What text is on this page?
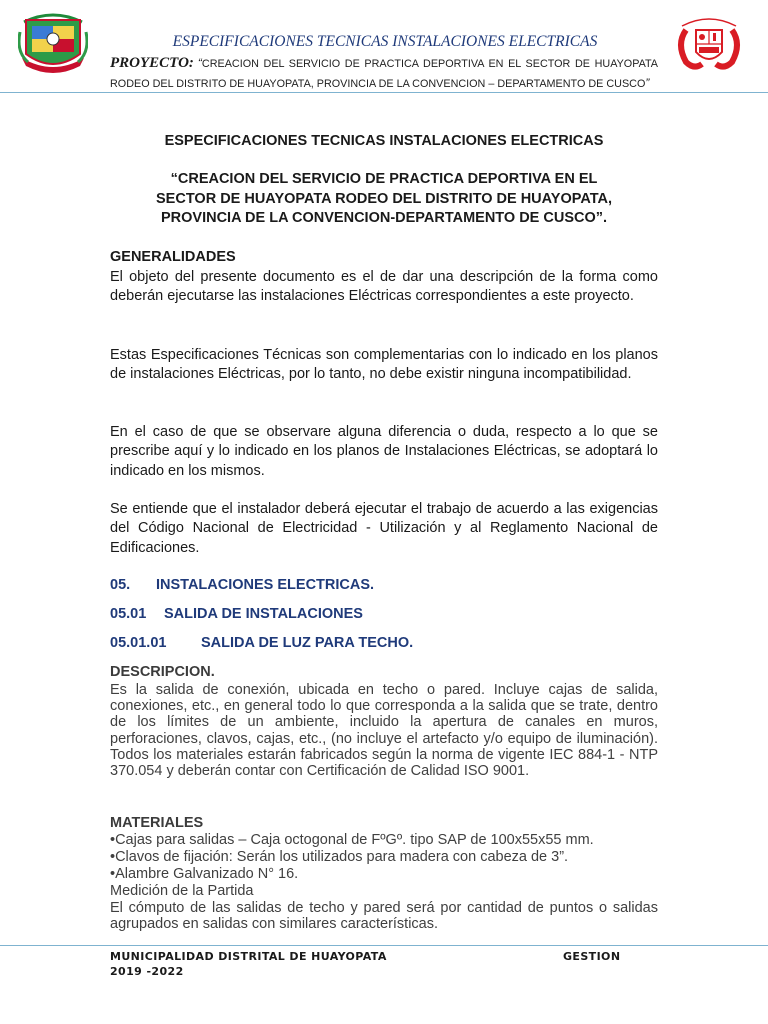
ESPECIFICACIONES TECNICAS INSTALACIONES ELECTRICAS
PROYECTO: “CREACION DEL SERVICIO DE PRACTICA DEPORTIVA EN EL SECTOR DE HUAYOPATA RODEO DEL DISTRITO DE HUAYOPATA, PROVINCIA DE LA CONVENCION – DEPARTAMENTO DE CUSCO”
ESPECIFICACIONES TECNICAS INSTALACIONES ELECTRICAS
“CREACION DEL SERVICIO DE PRACTICA DEPORTIVA EN EL
SECTOR DE HUAYOPATA RODEO DEL DISTRITO DE HUAYOPATA,
PROVINCIA DE LA CONVENCION-DEPARTAMENTO DE CUSCO”.
GENERALIDADES
El objeto del presente documento es el de dar una descripción de la forma como deberán ejecutarse las instalaciones Eléctricas correspondientes a este proyecto.
Estas Especificaciones Técnicas son complementarias con lo indicado en los planos de instalaciones Eléctricas, por lo tanto, no debe existir ninguna incompatibilidad.
En el caso de que se observare alguna diferencia o duda, respecto a lo que se prescribe aquí y lo indicado en los planos de Instalaciones Eléctricas, se adoptará lo indicado en los mismos.
Se entiende que el instalador deberá ejecutar el trabajo de acuerdo a las exigencias del Código Nacional de Electricidad - Utilización y al Reglamento Nacional de Edificaciones.
05. INSTALACIONES ELECTRICAS.
05.01 SALIDA DE INSTALACIONES
05.01.01 SALIDA DE LUZ PARA TECHO.
DESCRIPCION.
Es la salida de conexión, ubicada en techo o pared. Incluye cajas de salida, conexiones, etc., en general todo lo que corresponda a la salida que se trate, dentro de los límites de un ambiente, incluido la apertura de canales en muros, perforaciones, clavos, cajas, etc., (no incluye el artefacto y/o equipo de iluminación). Todos los materiales estarán fabricados según la norma de vigente IEC 884-1 - NTP 370.054 y deberán contar con Certificación de Calidad ISO 9001.
MATERIALES
•Cajas para salidas – Caja octogonal de FºGº. tipo SAP de 100x55x55 mm.
•Clavos de fijación: Serán los utilizados para madera con cabeza de 3”.
•Alambre Galvanizado N° 16.
Medición de la Partida
El cómputo de las salidas de techo y pared será por cantidad de puntos o salidas agrupados en salidas con similares características.
MUNICIPALIDAD DISTRITAL DE HUAYOPATA	GESTION
2019 -2022
